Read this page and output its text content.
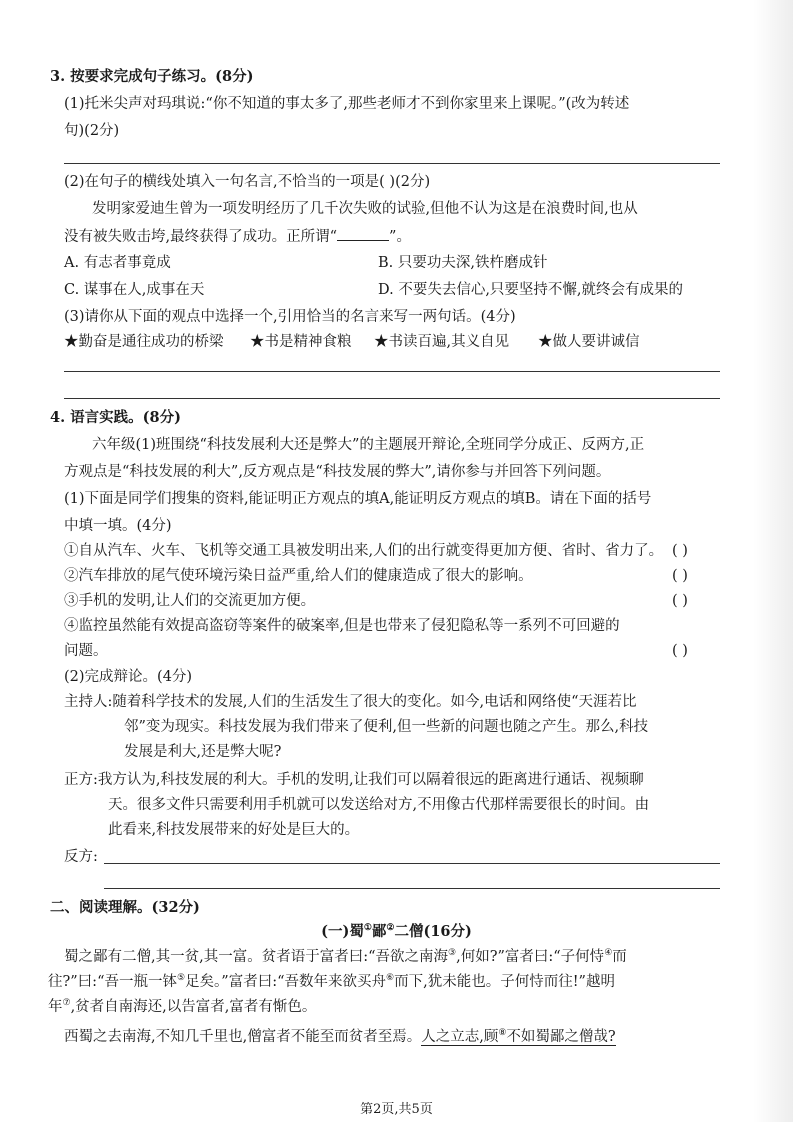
3. 按要求完成句子练习。(8分)
(1)托米尖声对玛琪说:“你不知道的事太多了,那些老师才不到你家里来上课呢。”(改为转述
句)(2分)
(2)在句子的横线处填入一句名言,不恰当的一项是( )(2分)
发明家爱迪生曾为一项发明经历了几千次失败的试验,但他不认为这是在浪费时间,也从
没有被失败击垮,最终获得了成功。正所谓“	”。
A. 有志者事竟成	B. 只要功夫深,铁杵磨成针
C. 谋事在人,成事在天	D. 不要失去信心,只要坚持不懈,就终会有成果的
(3)请你从下面的观点中选择一个,引用恰当的名言来写一两句话。(4分)
★勤奋是通往成功的桥梁 ★书是精神食粮 ★书读百遍,其义自见 ★做人要讲诚信
4. 语言实践。(8分)
六年级(1)班围绕“科技发展利大还是弊大”的主题展开辩论,全班同学分成正、反两方,正
方观点是“科技发展的利大”,反方观点是“科技发展的弊大”,请你参与并回答下列问题。
(1)下面是同学们搜集的资料,能证明正方观点的填A,能证明反方观点的填B。请在下面的括号
中填一填。(4分)
①自从汽车、火车、飞机等交通工具被发明出来,人们的出行就变得更加方便、省时、省力了。 ( )
②汽车排放的尾气使环境污染日益严重,给人们的健康造成了很大的影响。	( )
③手机的发明,让人们的交流更加方便。	( )
④监控虽然能有效提高盗窃等案件的破案率,但是也带来了侵犯隐私等一系列不可回避的
问题。	( )
(2)完成辩论。(4分)
主持人:随着科学技术的发展,人们的生活发生了很大的变化。如今,电话和网络使“天涯若比
邻”变为现实。科技发展为我们带来了便利,但一些新的问题也随之产生。那么,科技
发展是利大,还是弊大呢?
正方:我方认为,科技发展的利大。手机的发明,让我们可以隔着很远的距离进行通话、视频聊
天。很多文件只需要利用手机就可以发送给对方,不用像古代那样需要很长的时间。由
此看来,科技发展带来的好处是巨大的。
反方:
二、阅读理解。(32分)
(一)蜀①鄙②二僧(16分)
蜀之鄙有二僧,其一贫,其一富。贫者语于富者曰:“吾欲之南海③,何如?”富者曰:“子何恃④而
往?”曰:“吾一瓶一钵⑤足矣。”富者曰:“吾数年来欲买舟⑥而下,犹未能也。子何恃而往!”越明
年⑦,贫者自南海还,以告富者,富者有惭色。
西蜀之去南海,不知几千里也,僧富者不能至而贫者至焉。人之立志,顾⑧不如蜀鄙之僧哉?
第2页,共5页
